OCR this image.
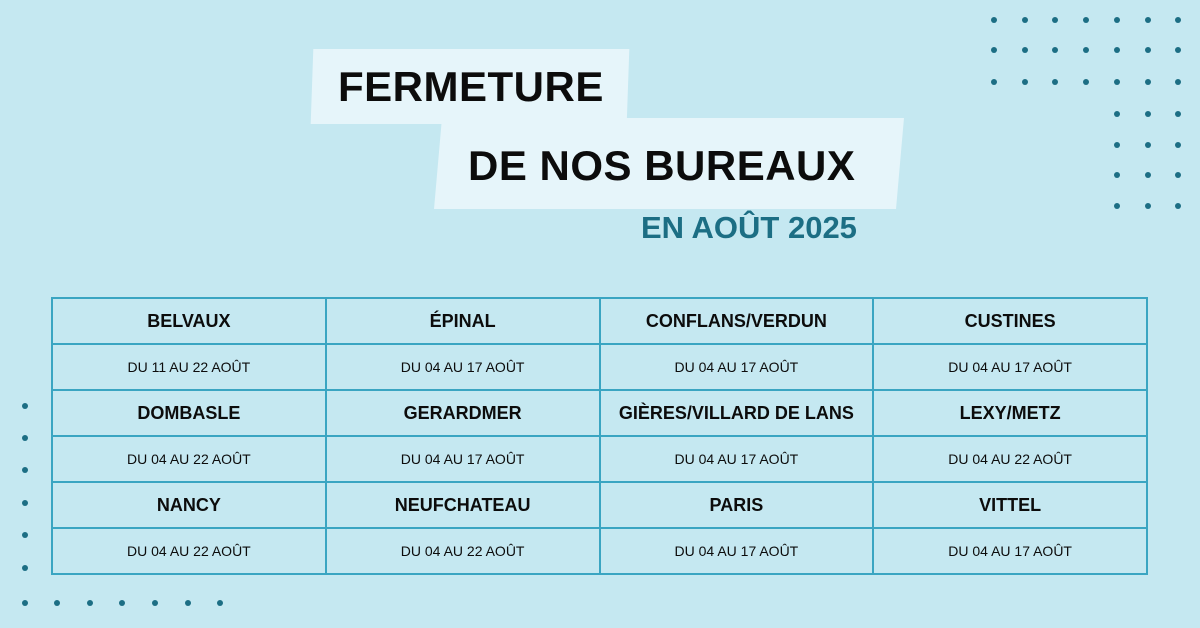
FERMETURE
DE NOS BUREAUX
EN AOÛT 2025
BELVAUX	ÉPINAL	CONFLANS/VERDUN	CUSTINES
DU 11 AU 22 AOÛT	DU 04 AU 17 AOÛT	DU 04 AU 17 AOÛT	DU 04 AU 17 AOÛT
DOMBASLE	GERARDMER	GIÈRES/VILLARD DE LANS	LEXY/METZ
DU 04 AU 22 AOÛT	DU 04 AU 17 AOÛT	DU 04 AU 17 AOÛT	DU 04 AU 22 AOÛT
NANCY	NEUFCHATEAU	PARIS	VITTEL
DU 04 AU 22 AOÛT	DU 04 AU 22 AOÛT	DU 04 AU 17 AOÛT	DU 04 AU 17 AOÛT
